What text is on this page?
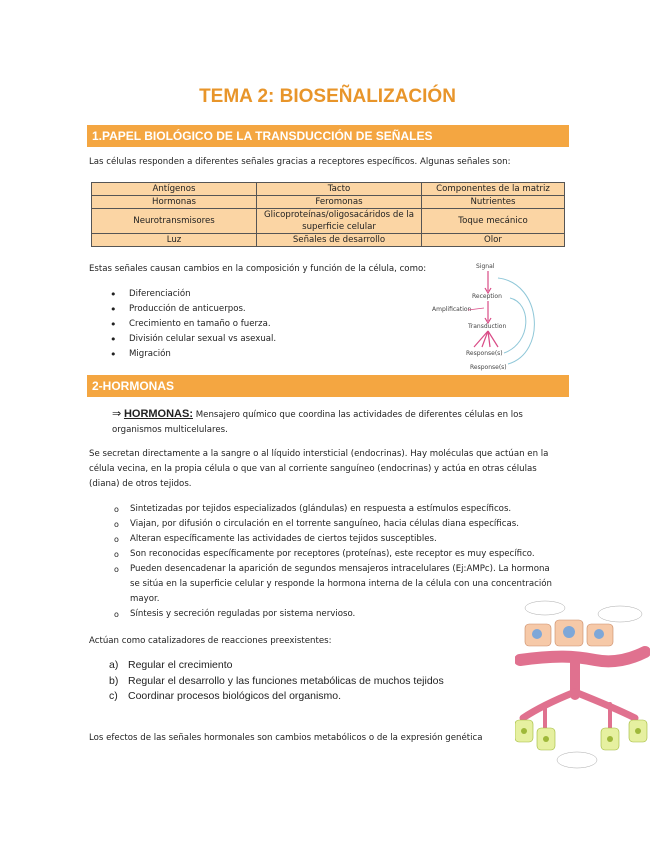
TEMA 2: BIOSEÑALIZACIÓN
1.PAPEL BIOLÓGICO DE LA TRANSDUCCIÓN DE SEÑALES
Las células responden a diferentes señales gracias a receptores específicos. Algunas señales son:
Antígenos	Tacto	Componentes de la matriz
Hormonas	Feromonas	Nutrientes
Neurotransmisores	Glicoproteínas/oligosacáridos de la superficie celular	Toque mecánico
Luz	Señales de desarrollo	Olor
Estas señales causan cambios en la composición y función de la célula, como:
• Diferenciación
• Producción de anticuerpos.
• Crecimiento en tamaño o fuerza.
• División celular sexual vs asexual.
• Migración
Signal
Reception
Amplification
Transduction
Response(s)
Response(s)
2-HORMONAS
⇒ HORMONAS: Mensajero químico que coordina las actividades de diferentes células en los organismos multicelulares.
Se secretan directamente a la sangre o al líquido intersticial (endocrinas). Hay moléculas que actúan en la célula vecina, en la propia célula o que van al corriente sanguíneo (endocrinas) y actúa en otras células (diana) de otros tejidos.
o Sintetizadas por tejidos especializados (glándulas) en respuesta a estímulos específicos.
o Viajan, por difusión o circulación en el torrente sanguíneo, hacia células diana específicas.
o Alteran específicamente las actividades de ciertos tejidos susceptibles.
o Son reconocidas específicamente por receptores (proteínas), este receptor es muy específico.
o Pueden desencadenar la aparición de segundos mensajeros intracelulares (Ej:AMPc). La hormona se sitúa en la superficie celular y responde la hormona interna de la célula con una concentración mayor.
o Síntesis y secreción reguladas por sistema nervioso.
Actúan como catalizadores de reacciones preexistentes:
a) Regular el crecimiento
b) Regular el desarrollo y las funciones metabólicas de muchos tejidos
c) Coordinar procesos biológicos del organismo.
Los efectos de las señales hormonales son cambios metabólicos o de la expresión genética
